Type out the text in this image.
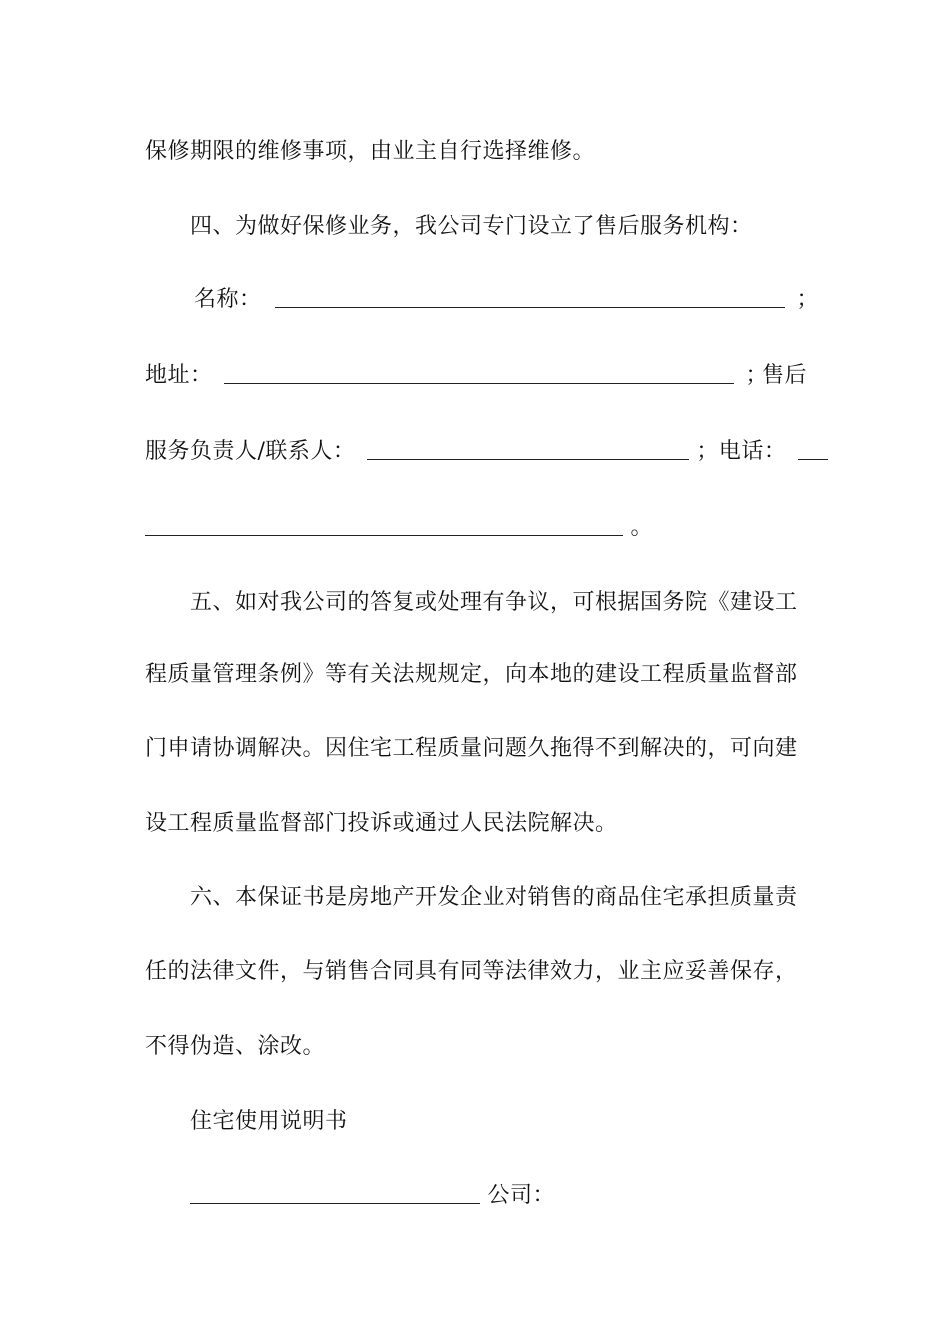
保修期限的维修事项，由业主自行选择维修。
四、为做好保修业务，我公司专门设立了售后服务机构：
名称：	；
地址：	；
售后
服务负责人/联系人：	；电话：
。
五、如对我公司的答复或处理有争议，可根据国务院《建设工
程质量管理条例》等有关法规规定，向本地的建设工程质量监督部
门申请协调解决。因住宅工程质量问题久拖得不到解决的，可向建
设工程质量监督部门投诉或通过人民法院解决。
六、本保证书是房地产开发企业对销售的商品住宅承担质量责
任的法律文件，与销售合同具有同等法律效力，业主应妥善保存，
不得伪造、涂改。
住宅使用说明书
公司：
